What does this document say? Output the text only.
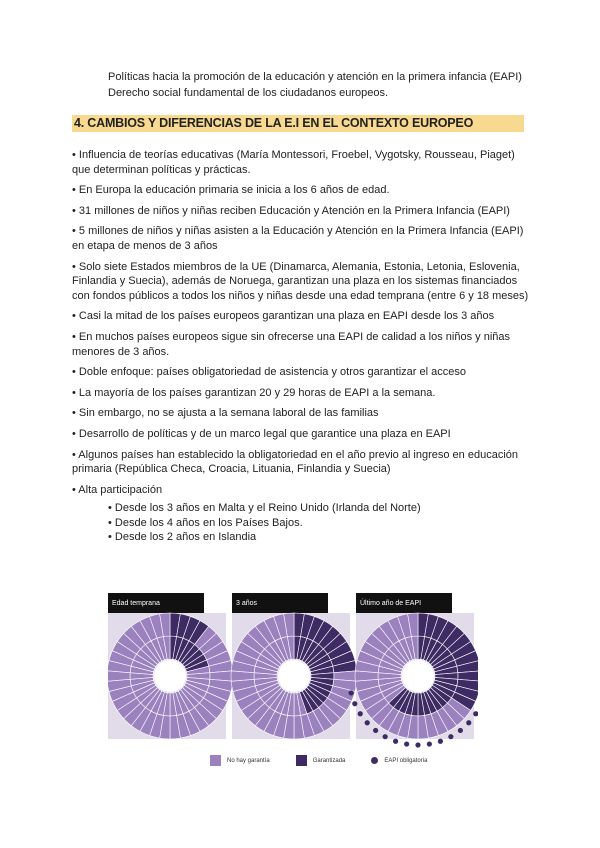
Políticas hacia la promoción de la educación y atención en la primera infancia (EAPI)
Derecho social fundamental de los ciudadanos europeos.
4. CAMBIOS Y DIFERENCIAS DE LA E.I EN EL CONTEXTO EUROPEO

• Influencia de teorías educativas (María Montessori, Froebel, Vygotsky, Rousseau, Piaget) que determinan políticas y prácticas.

• En Europa la educación primaria se inicia a los 6 años de edad.

• 31 millones de niños y niñas reciben Educación y Atención en la Primera Infancia (EAPI)

• 5 millones de niños y niñas asisten a la Educación y Atención en la Primera Infancia (EAPI) en etapa de menos de 3 años

• Solo siete Estados miembros de la UE (Dinamarca, Alemania, Estonia, Letonia, Eslovenia, Finlandia y Suecia), además de Noruega, garantizan una plaza en los sistemas financiados con fondos públicos a todos los niños y niñas desde una edad temprana (entre 6 y 18 meses)

• Casi la mitad de los países europeos garantizan una plaza en EAPI desde los 3 años

• En muchos países europeos sigue sin ofrecerse una EAPI de calidad a los niños y niñas menores de 3 años.

• Doble enfoque: países obligatoriedad de asistencia y otros garantizar el acceso

• La mayoría de los países garantizan 20 y 29 horas de EAPI a la semana.

• Sin embargo, no se ajusta a la semana laboral de las familias

• Desarrollo de políticas y de un marco legal que garantice una plaza en EAPI

• Algunos países han establecido la obligatoriedad en el año previo al ingreso en educación primaria (República Checa, Croacia, Lituania, Finlandia y Suecia)

• Alta participación

• Desde los 3 años en Malta y el Reino Unido (Irlanda del Norte)
• Desde los 4 años en los Países Bajos.
• Desde los 2 años en Islandia
Edad temprana	3 años	Último año de EAPI
No hay garantía	Garantizada	EAPI obligatoria
